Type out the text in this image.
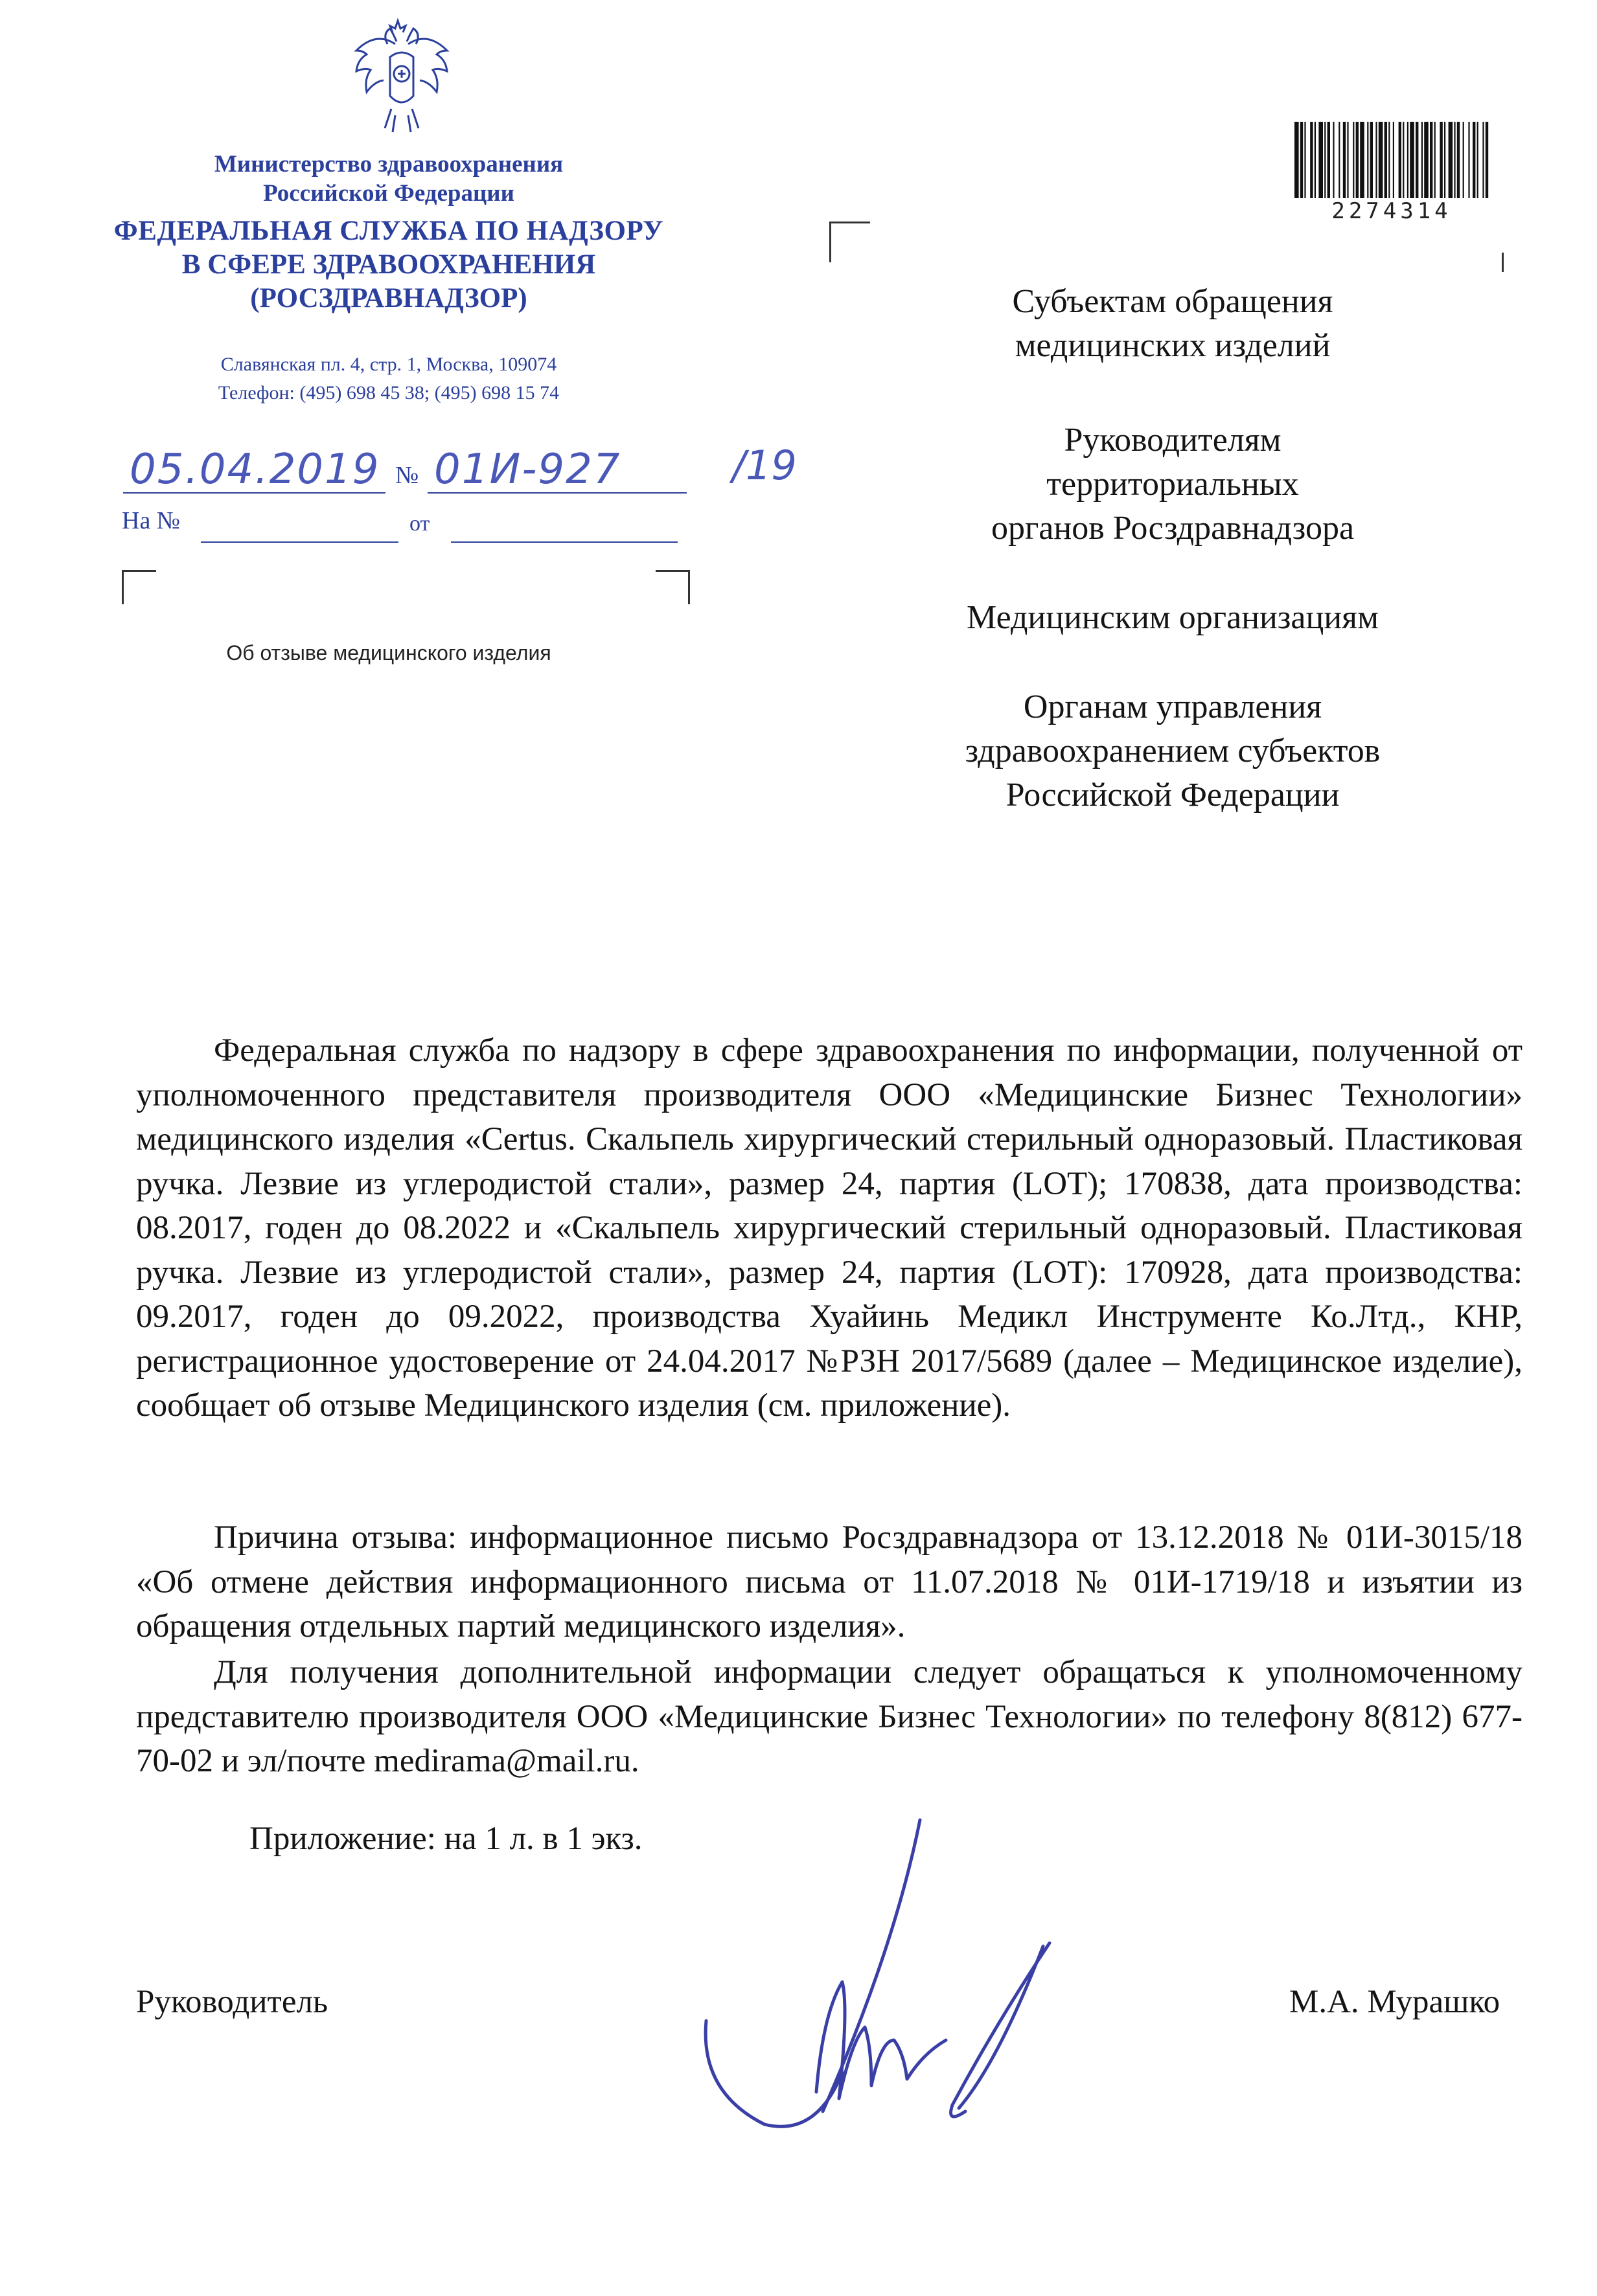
Министерство здравоохранения
Российской Федерации
ФЕДЕРАЛЬНАЯ СЛУЖБА ПО НАДЗОРУ
В СФЕРЕ ЗДРАВООХРАНЕНИЯ
(РОСЗДРАВНАДЗОР)
Славянская пл. 4, стр. 1, Москва, 109074
Телефон: (495) 698 45 38; (495) 698 15 74
05.04.2019 № 01И-927	/19
На №	от
Об отзыве медицинского изделия
2274314
Субъектам обращения
медицинских изделий
Руководителям
территориальных
органов Росздравнадзора
Медицинским организациям
Органам управления
здравоохранением субъектов
Российской Федерации

Федеральная служба по надзору в сфере здравоохранения по информации, полученной от уполномоченного представителя производителя ООО «Медицинские Бизнес Технологии» медицинского изделия «Certus. Скальпель хирургический стерильный одноразовый. Пластиковая ручка. Лезвие из углеродистой стали», размер 24, партия (LOT); 170838, дата производства: 08.2017, годен до 08.2022 и «Скальпель хирургический стерильный одноразовый. Пластиковая ручка. Лезвие из углеродистой стали», размер 24, партия (LOT): 170928, дата производства: 09.2017, годен до 09.2022, производства Хуайинь Медикл Инструменте Ко.Лтд., КНР, регистрационное удостоверение от 24.04.2017 №РЗН 2017/5689 (далее – Медицинское изделие), сообщает об отзыве Медицинского изделия (см. приложение).

Причина отзыва: информационное письмо Росздравнадзора от 13.12.2018 № 01И-3015/18 «Об отмене действия информационного письма от 11.07.2018 № 01И-1719/18 и изъятии из обращения отдельных партий медицинского изделия».

Для получения дополнительной информации следует обращаться к уполномоченному представителю производителя ООО «Медицинские Бизнес Технологии» по телефону 8(812) 677-70-02 и эл/почте medirama@mail.ru.

Приложение: на 1 л. в 1 экз.
Руководитель	М.А. Мурашко
